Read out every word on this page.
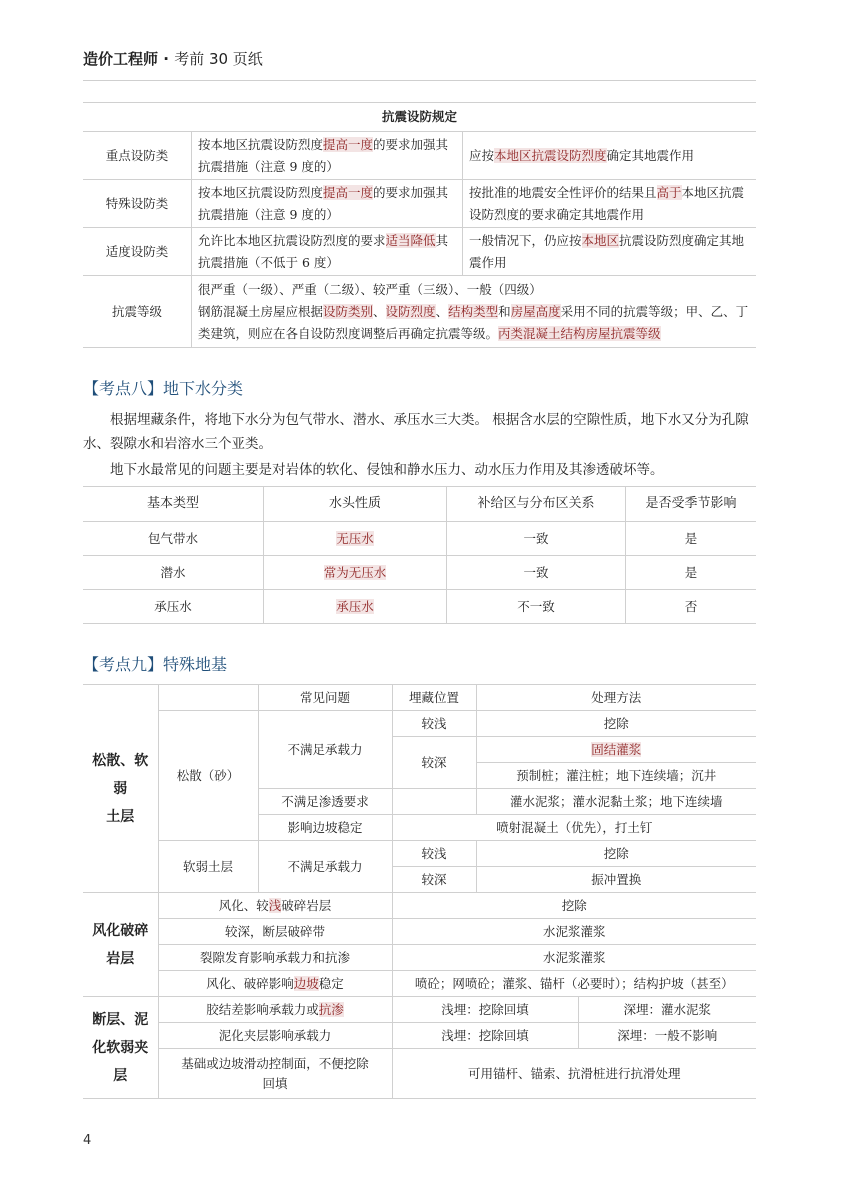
造价工程师 · 考前 30 页纸
抗震设防规定		
重点设防类	按本地区抗震设防烈度提高一度的要求加强其抗震措施（注意 9 度的）	应按本地区抗震设防烈度确定其地震作用
特殊设防类	按本地区抗震设防烈度提高一度的要求加强其抗震措施（注意 9 度的）	按批准的地震安全性评价的结果且高于本地区抗震设防烈度的要求确定其地震作用
适度设防类	允许比本地区抗震设防烈度的要求适当降低其抗震措施（不低于 6 度）	一般情况下，仍应按本地区抗震设防烈度确定其地震作用
抗震等级	很严重（一级）、严重（二级）、较严重（三级）、一般（四级）
钢筋混凝土房屋应根据设防类别、设防烈度、结构类型和房屋高度采用不同的抗震等级；甲、乙、丁类建筑，则应在各自设防烈度调整后再确定抗震等级。丙类混凝土结构房屋抗震等级	
【考点八】地下水分类

根据埋藏条件，将地下水分为包气带水、潜水、承压水三大类。 根据含水层的空隙性质，地下水又分为孔隙水、裂隙水和岩溶水三个亚类。

地下水最常见的问题主要是对岩体的软化、侵蚀和静水压力、动水压力作用及其渗透破坏等。

基本类型	水头性质	补给区与分布区关系	是否受季节影响
包气带水	无压水	一致	是
潜水	常为无压水	一致	是
承压水	承压水	不一致	否
【考点九】特殊地基
松散、软
弱
土层		常见问题	埋藏位置	处理方法	
	松散（砂）	不满足承载力	较浅	挖除	
			较深	固结灌浆	
				预制桩；灌注桩；地下连续墙；沉井	
		不满足渗透要求		灌水泥浆；灌水泥黏土浆；地下连续墙	
		影响边坡稳定	喷射混凝土（优先），打土钉		
	软弱土层	不满足承载力	较浅	挖除	
			较深	振冲置换	

风化破碎
岩层	风化、较浅破碎岩层		挖除		
	较深，断层破碎带		水泥浆灌浆		
	裂隙发育影响承载力和抗渗		水泥浆灌浆		
	风化、破碎影响边坡稳定		喷砼；网喷砼；灌浆、锚杆（必要时）；结构护坡（甚至）		

断层、泥
化软弱夹
层	胶结差影响承载力或抗渗		浅埋：挖除回填		深埋：灌水泥浆
	泥化夹层影响承载力		浅埋：挖除回填		深埋：一般不影响

	基础或边坡滑动控制面，不便挖除
回填		可用锚杆、锚索、抗滑桩进行抗滑处理		
4
